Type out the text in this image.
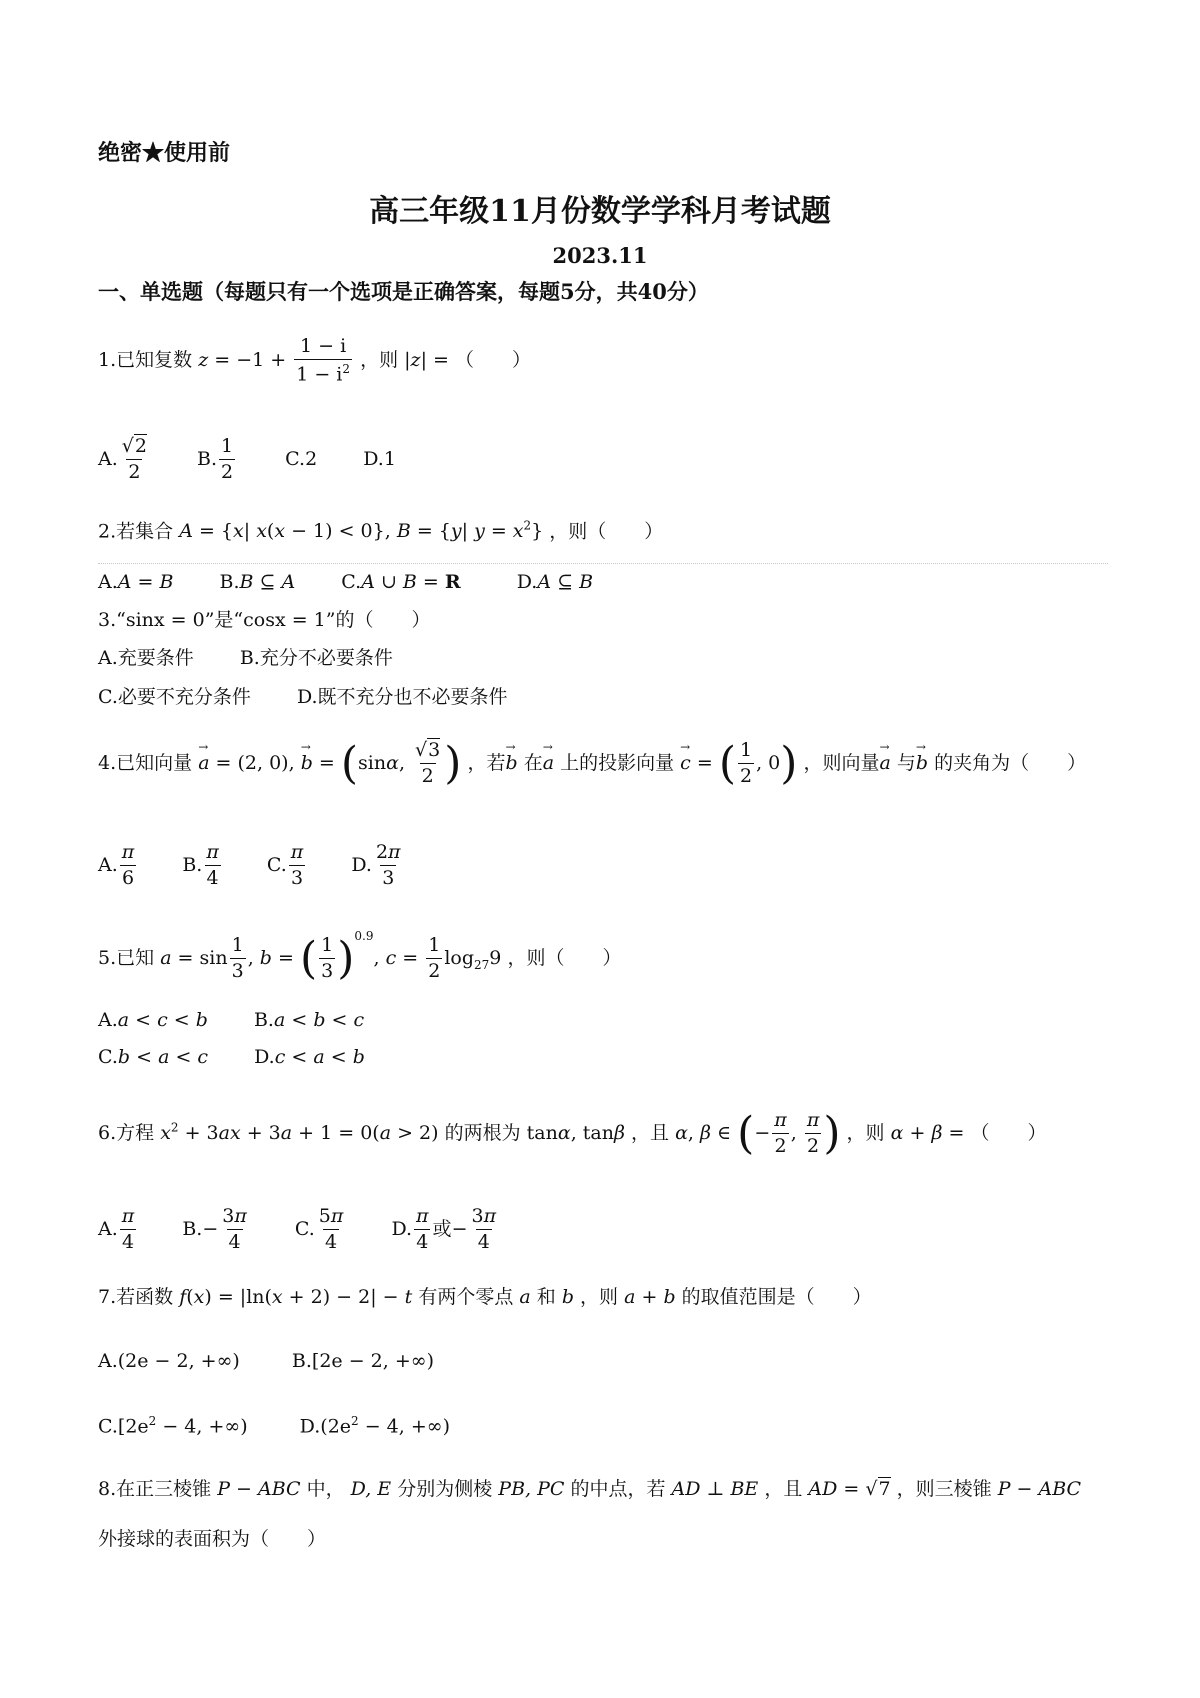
绝密★使用前
高三年级11月份数学学科月考试题
2023.11
一、单选题（每题只有一个选项是正确答案，每题5分，共40分）
1.已知复数 $z = -1 + \frac{1 - i}{1 - i^2}$ ，则 |z| = （　　）
A. $\frac{√2}{2}$	B. $\frac{1}{2}$	C.2 D.1
2.若集合 A = {x| x(x − 1) < 0}, B = {y| $y = x^2$} ，则（　　）
A.A = B B.B ⊆ A C.A ∪ B = R	D.A ⊆ B
3.“sinx = 0”是“cosx = 1”的（　　）
A.充要条件 B.充分不必要条件
C.必要不充分条件 D.既不充分也不必要条件
4.已知向量 → a = (2, 0), → b = (sinα, $\frac{√3}{2}$ ) ，若→ b 在→ a 上的投影向量 → c = ( $\frac{1}{2}$ , 0) ，则向量→ a 与→ b 的夹角为（　　）
A. $\frac{\pi}{6} B$. $\frac{\pi}{4} C$. $\frac{\pi}{3} D$. $\frac{2\pi}{3}$
5.已知 $a = \sin \frac{1}{3}$ , b = ( $\frac{1}{3} )^{0.9}$, $c = \frac{1}{2} \log_{27}9$ ，则（　　）
A.a < c < b B.a < b < c
C.b < a < c D.c < a < b
6.方程 $x^2 + 3ax + 3a + 1 = 0(a > 2)$ 的两根为 tanα, tanβ ，且 α, β ∈ (− $\frac{\pi}{2}$ , $\frac{\pi}{2}$ ) ，则 α + β = （　　）
A. $\frac{\pi}{4} B.- \frac{3\pi}{4} C$. $\frac{5\pi}{4} D$. $\frac{\pi}{4}$ 或− $\frac{3\pi}{4}$
7.若函数 f(x) = |ln(x + 2) − 2| − t 有两个零点 a 和 b ，则 a + b 的取值范围是（　　）
A.(2e − 2, +∞)	B.[2e − 2, +∞)
$C.[2e^2 - 4$, +∞)	$D.(2e^2 - 4$, +∞)
8.在正三棱锥 P − ABC 中， D, E 分别为侧棱 PB, PC 的中点，若 AD ⊥ BE ，且 AD = √7 ，则三棱锥 P − ABC
外接球的表面积为（　　）
